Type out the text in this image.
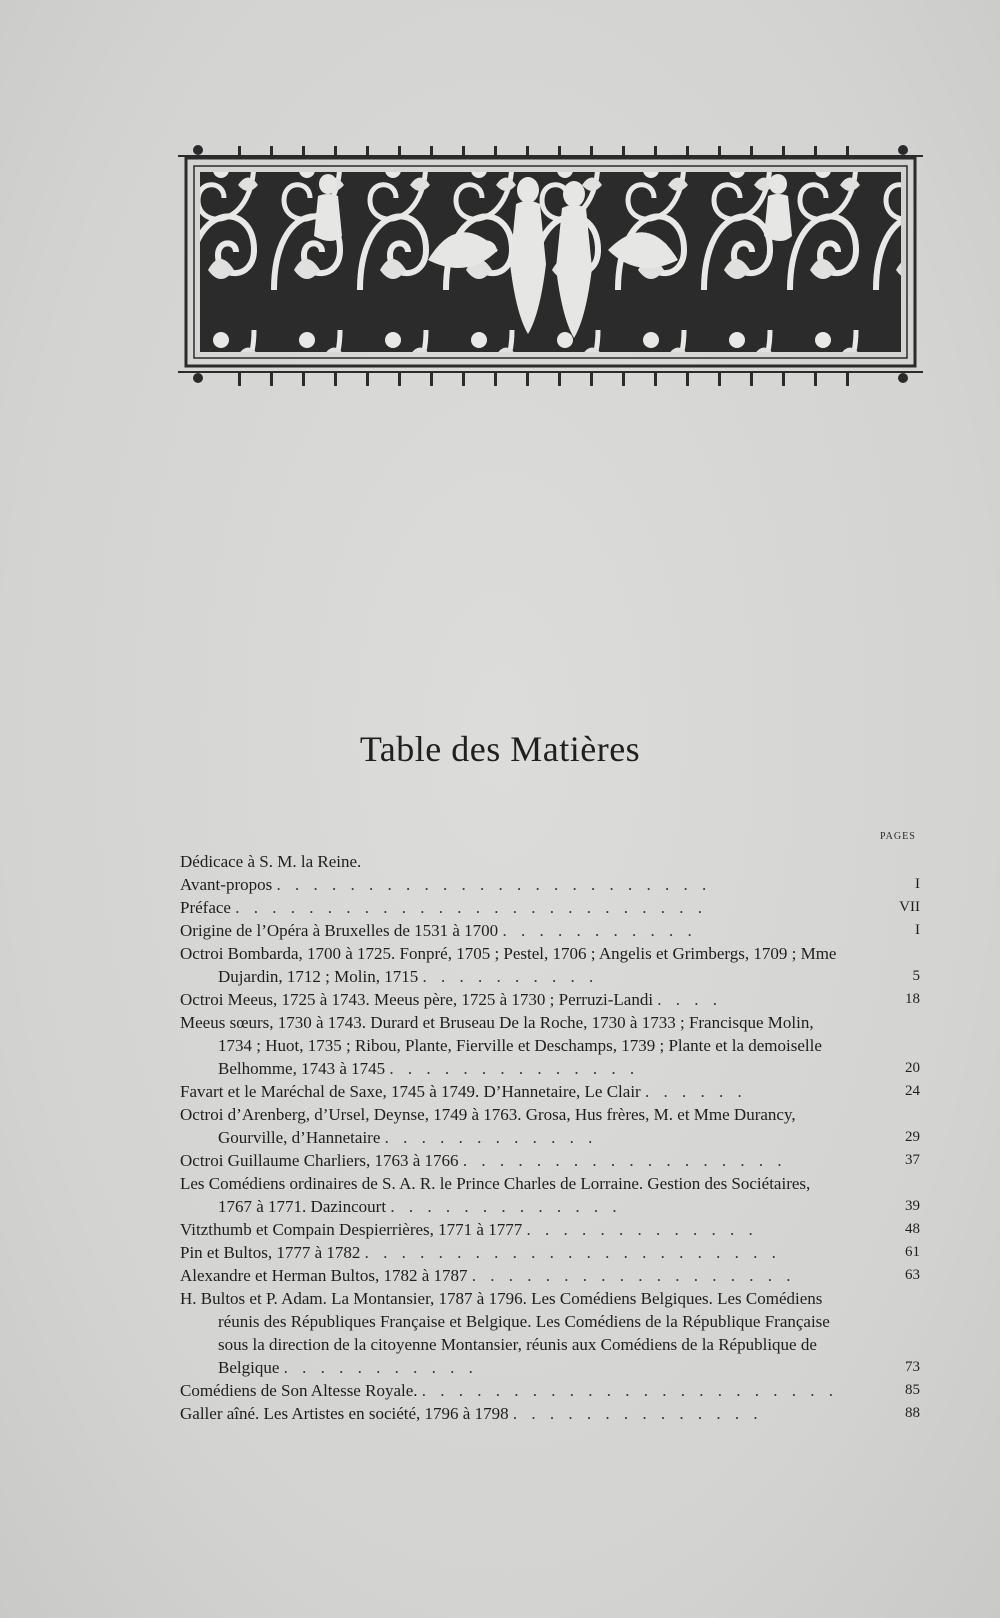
Table des Matières
PAGES

Dédicace à S. M. la Reine.

Avant-propos . . . . . . . . . . . . . . . . . . . . . . . .	I

Préface . . . . . . . . . . . . . . . . . . . . . . . . . .	VII

Origine de l’Opéra à Bruxelles de 1531 à 1700 . . . . . . . . . . .	I

Octroi Bombarda, 1700 à 1725. Fonpré, 1705 ; Pestel, 1706 ; Angelis et Grimbergs, 1709 ; Mme Dujardin, 1712 ; Molin, 1715 . . . . . . . . . .	5

Octroi Meeus, 1725 à 1743. Meeus père, 1725 à 1730 ; Perruzi-Landi . . . .	18

Meeus sœurs, 1730 à 1743. Durard et Bruseau De la Roche, 1730 à 1733 ; Francisque Molin, 1734 ; Huot, 1735 ; Ribou, Plante, Fierville et Deschamps, 1739 ; Plante et la demoiselle Belhomme, 1743 à 1745 . . . . . . . . . . . . . .	20

Favart et le Maréchal de Saxe, 1745 à 1749. D’Hannetaire, Le Clair . . . . . .	24

Octroi d’Arenberg, d’Ursel, Deynse, 1749 à 1763. Grosa, Hus frères, M. et Mme Durancy, Gourville, d’Hannetaire . . . . . . . . . . . .	29

Octroi Guillaume Charliers, 1763 à 1766 . . . . . . . . . . . . . . . . . .	37

Les Comédiens ordinaires de S. A. R. le Prince Charles de Lorraine. Gestion des Sociétaires, 1767 à 1771. Dazincourt . . . . . . . . . . . . .	39

Vitzthumb et Compain Despierrières, 1771 à 1777 . . . . . . . . . . . . .	48

Pin et Bultos, 1777 à 1782 . . . . . . . . . . . . . . . . . . . . . . .	61

Alexandre et Herman Bultos, 1782 à 1787 . . . . . . . . . . . . . . . . . .	63

H. Bultos et P. Adam. La Montansier, 1787 à 1796. Les Comédiens Belgiques. Les Comédiens réunis des Républiques Française et Belgique. Les Comédiens de la République Française sous la direction de la citoyenne Montansier, réunis aux Comédiens de la République de Belgique . . . . . . . . . . .	73

Comédiens de Son Altesse Royale. . . . . . . . . . . . . . . . . . . . . . . .	85

Galler aîné. Les Artistes en société, 1796 à 1798 . . . . . . . . . . . . . .	88
